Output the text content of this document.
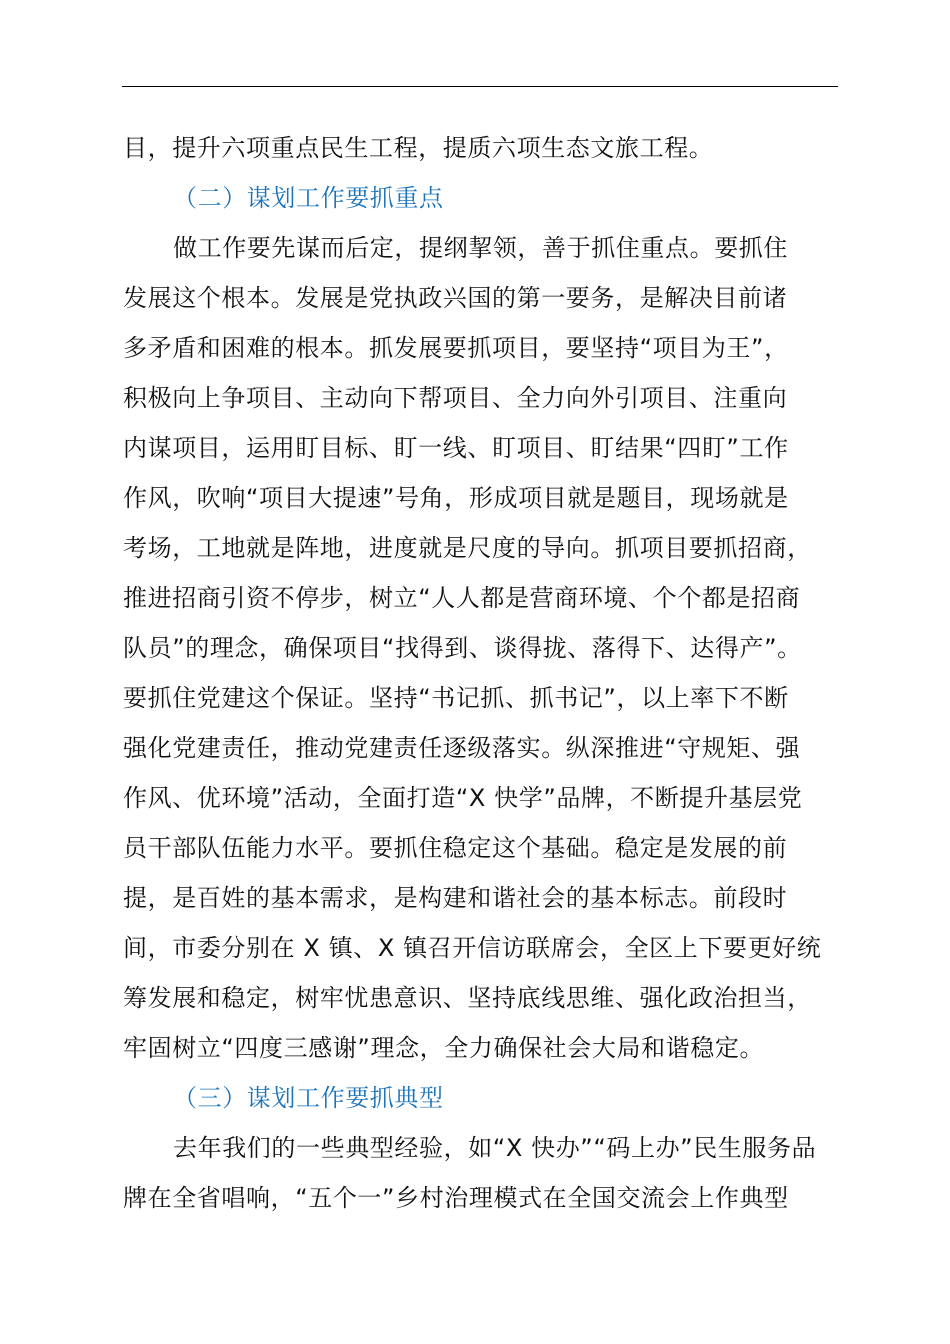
目，提升六项重点民生工程，提质六项生态文旅工程。
（二）谋划工作要抓重点
做工作要先谋而后定，提纲挈领，善于抓住重点。要抓住
发展这个根本。发展是党执政兴国的第一要务，是解决目前诸
多矛盾和困难的根本。抓发展要抓项目，要坚持“项目为王”，
积极向上争项目、主动向下帮项目、全力向外引项目、注重向
内谋项目，运用盯目标、盯一线、盯项目、盯结果“四盯”工作
作风，吹响“项目大提速”号角，形成项目就是题目，现场就是
考场，工地就是阵地，进度就是尺度的导向。抓项目要抓招商，
推进招商引资不停步，树立“人人都是营商环境、个个都是招商
队员”的理念，确保项目“找得到、谈得拢、落得下、达得产”。
要抓住党建这个保证。坚持“书记抓、抓书记”，以上率下不断
强化党建责任，推动党建责任逐级落实。纵深推进“守规矩、强
作风、优环境”活动，全面打造“X 快学”品牌，不断提升基层党
员干部队伍能力水平。要抓住稳定这个基础。稳定是发展的前
提，是百姓的基本需求，是构建和谐社会的基本标志。前段时
间，市委分别在 X 镇、X 镇召开信访联席会，全区上下要更好统
筹发展和稳定，树牢忧患意识、坚持底线思维、强化政治担当，
牢固树立“四度三感谢”理念，全力确保社会大局和谐稳定。
（三）谋划工作要抓典型
去年我们的一些典型经验，如“X 快办”“码上办”民生服务品
牌在全省唱响，“五个一”乡村治理模式在全国交流会上作典型
